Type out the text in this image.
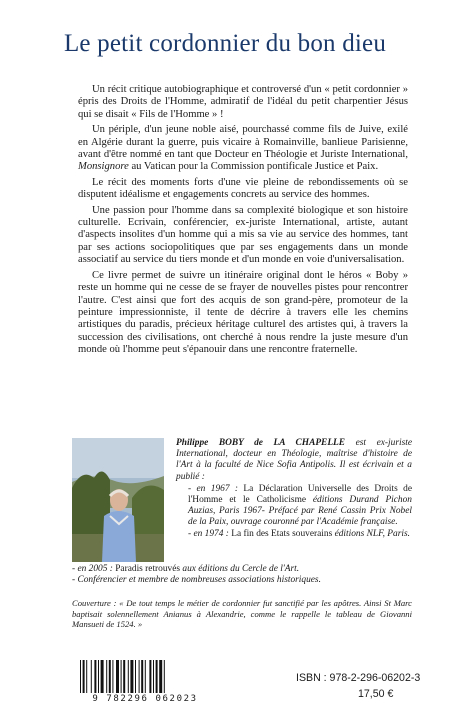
Le petit cordonnier du bon dieu

Un récit critique autobiographique et controversé d'un « petit cordonnier » épris des Droits de l'Homme, admiratif de l'idéal du petit charpentier Jésus qui se disait « Fils de l'Homme » !

Un périple, d'un jeune noble aisé, pourchassé comme fils de Juive, exilé en Algérie durant la guerre, puis vicaire à Romainville, banlieue Parisienne, avant d'être nommé en tant que Docteur en Théologie et Juriste International, Monsignore au Vatican pour la Commission pontificale Justice et Paix.

Le récit des moments forts d'une vie pleine de rebondissements où se disputent idéalisme et engagements concrets au service des hommes.

Une passion pour l'homme dans sa complexité biologique et son histoire culturelle. Ecrivain, conférencier, ex-juriste International, artiste, autant d'aspects insolites d'un homme qui a mis sa vie au service des hommes, tant par ses actions sociopolitiques que par ses engagements dans un monde associatif au service du tiers monde et d'un monde en voie d'universalisation.

Ce livre permet de suivre un itinéraire original dont le héros « Boby » reste un homme qui ne cesse de se frayer de nouvelles pistes pour rencontrer l'autre. C'est ainsi que fort des acquis de son grand-père, promoteur de la peinture impressionniste, il tente de décrire à travers elle les chemins artistiques du paradis, précieux héritage culturel des artistes qui, à travers la succession des civilisations, ont cherché à nous rendre la juste mesure d'un monde où l'homme peut s'épanouir dans une rencontre fraternelle.

Philippe BOBY de LA CHAPELLE est ex-juriste International, docteur en Théologie, maîtrise d'histoire de l'Art à la faculté de Nice Sofia Antipolis. Il est écrivain et a publié :

- en 1967 : La Déclaration Universelle des Droits de l'Homme et le Catholicisme éditions Durand Pichon Auzias, Paris 1967- Préfacé par René Cassin Prix Nobel de la Paix, ouvrage couronné par l'Académie française.

- en 1974 : La fin des Etats souverains éditions NLF, Paris.

- en 2005 : Paradis retrouvés aux éditions du Cercle de l'Art.

- Conférencier et membre de nombreuses associations historiques.

Couverture : « De tout temps le métier de cordonnier fut sanctifié par les apôtres. Ainsi St Marc baptisait solennellement Anianus à Alexandrie, comme le rappelle le tableau de Giovanni Mansueti de 1524. »
9 782296 062023
ISBN : 978-2-296-06202-3
17,50 €
